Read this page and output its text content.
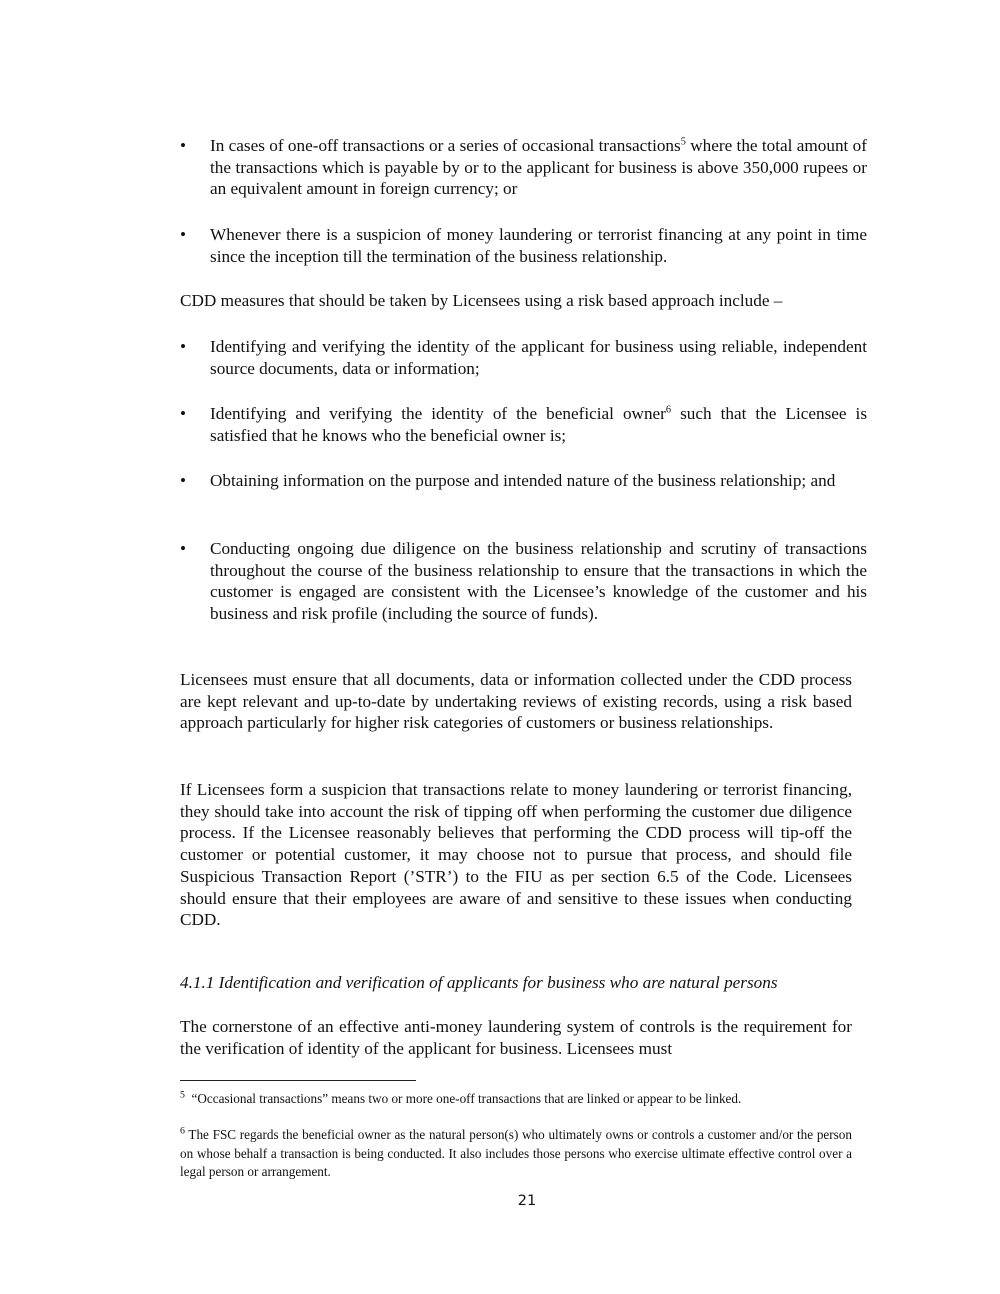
•	In cases of one-off transactions or a series of occasional transactions$^5$ where the total amount of the transactions which is payable by or to the applicant for business is above 350,000 rupees or an equivalent amount in foreign currency; or
•	Whenever there is a suspicion of money laundering or terrorist financing at any point in time since the inception till the termination of the business relationship.
CDD measures that should be taken by Licensees using a risk based approach include –
•	Identifying and verifying the identity of the applicant for business using reliable, independent source documents, data or information;
•	Identifying and verifying the identity of the beneficial owner$^6$ such that the Licensee is satisfied that he knows who the beneficial owner is;
•	Obtaining information on the purpose and intended nature of the business relationship; and
•	Conducting ongoing due diligence on the business relationship and scrutiny of transactions throughout the course of the business relationship to ensure that the transactions in which the customer is engaged are consistent with the Licensee’s knowledge of the customer and his business and risk profile (including the source of funds).
Licensees must ensure that all documents, data or information collected under the CDD process are kept relevant and up-to-date by undertaking reviews of existing records, using a risk based approach particularly for higher risk categories of customers or business relationships.
If Licensees form a suspicion that transactions relate to money laundering or terrorist financing, they should take into account the risk of tipping off when performing the customer due diligence process. If the Licensee reasonably believes that performing the CDD process will tip-off the customer or potential customer, it may choose not to pursue that process, and should file Suspicious Transaction Report (’STR’) to the FIU as per section 6.5 of the Code. Licensees should ensure that their employees are aware of and sensitive to these issues when conducting CDD.
4.1.1 Identification and verification of applicants for business who are natural persons
The cornerstone of an effective anti-money laundering system of controls is the requirement for the verification of identity of the applicant for business. Licensees must
$^5$ “Occasional transactions” means two or more one-off transactions that are linked or appear to be linked.
$^6$ The FSC regards the beneficial owner as the natural person(s) who ultimately owns or controls a customer and/or the person on whose behalf a transaction is being conducted. It also includes those persons who exercise ultimate effective control over a legal person or arrangement.
21
